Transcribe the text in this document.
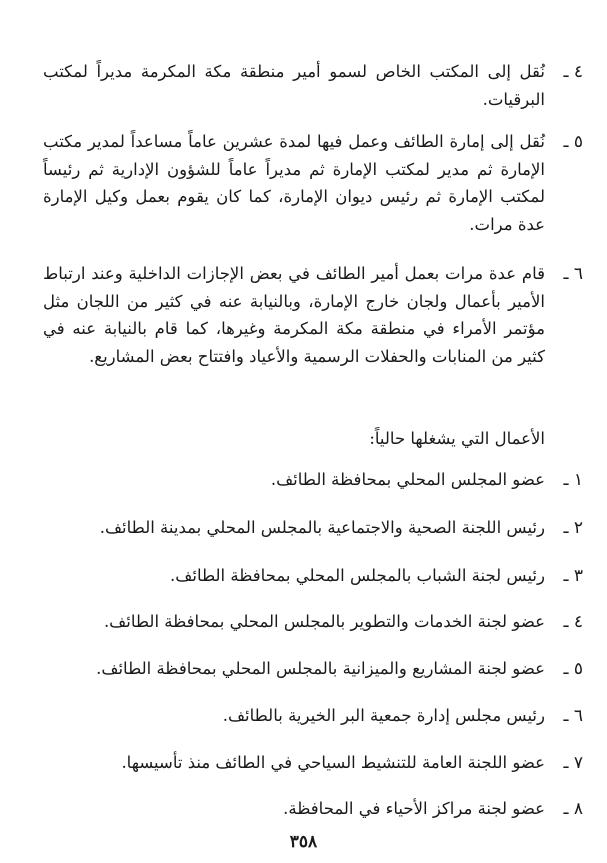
٤ ـ
نُقل إلى المكتب الخاص لسمو أمير منطقة مكة المكرمة مديراً لمكتب البرقيات.
٥ ـ
نُقل إلى إمارة الطائف وعمل فيها لمدة عشرين عاماً مساعداً لمدير مكتب الإمارة ثم مدير لمكتب الإمارة ثم مديراً عاماً للشؤون الإدارية ثم رئيساً لمكتب الإمارة ثم رئيس ديوان الإمارة، كما كان يقوم بعمل وكيل الإمارة عدة مرات.
٦ ـ
قام عدة مرات بعمل أمير الطائف في بعض الإجازات الداخلية وعند ارتباط الأمير بأعمال ولجان خارج الإمارة، وبالنيابة عنه في كثير من اللجان مثل مؤتمر الأمراء في منطقة مكة المكرمة وغيرها، كما قام بالنيابة عنه في كثير من المنابات والحفلات الرسمية والأعياد وافتتاح بعض المشاريع.
الأعمال التي يشغلها حالياً:
١ ـ
عضو المجلس المحلي بمحافظة الطائف.
٢ ـ
رئيس اللجنة الصحية والاجتماعية بالمجلس المحلي بمدينة الطائف.
٣ ـ
رئيس لجنة الشباب بالمجلس المحلي بمحافظة الطائف.
٤ ـ
عضو لجنة الخدمات والتطوير بالمجلس المحلي بمحافظة الطائف.
٥ ـ
عضو لجنة المشاريع والميزانية بالمجلس المحلي بمحافظة الطائف.
٦ ـ
رئيس مجلس إدارة جمعية البر الخيرية بالطائف.
٧ ـ
عضو اللجنة العامة للتنشيط السياحي في الطائف منذ تأسيسها.
٨ ـ
عضو لجنة مراكز الأحياء في المحافظة.
٣٥٨
